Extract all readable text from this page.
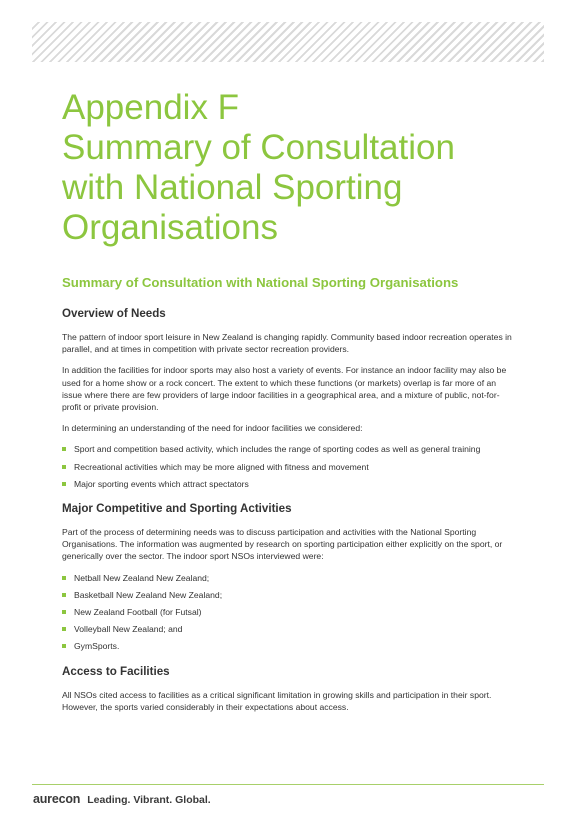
Appendix F
Summary of Consultation
with National Sporting
Organisations
Summary of Consultation with National Sporting Organisations
Overview of Needs

The pattern of indoor sport leisure in New Zealand is changing rapidly. Community based indoor recreation operates in parallel, and at times in competition with private sector recreation providers.

In addition the facilities for indoor sports may also host a variety of events. For instance an indoor facility may also be used for a home show or a rock concert. The extent to which these functions (or markets) overlap is far more of an issue where there are few providers of large indoor facilities in a geographical area, and a mixture of public, not-for-profit or private provision.

In determining an understanding of the need for indoor facilities we considered:

Sport and competition based activity, which includes the range of sporting codes as well as general training
Recreational activities which may be more aligned with fitness and movement
Major sporting events which attract spectators
Major Competitive and Sporting Activities

Part of the process of determining needs was to discuss participation and activities with the National Sporting Organisations. The information was augmented by research on sporting participation either explicitly on the sport, or generically over the sector. The indoor sport NSOs interviewed were:

Netball New Zealand New Zealand;
Basketball New Zealand New Zealand;
New Zealand Football (for Futsal)
Volleyball New Zealand; and
GymSports.
Access to Facilities

All NSOs cited access to facilities as a critical significant limitation in growing skills and participation in their sport. However, the sports varied considerably in their expectations about access.

aurecon Leading. Vibrant. Global.
